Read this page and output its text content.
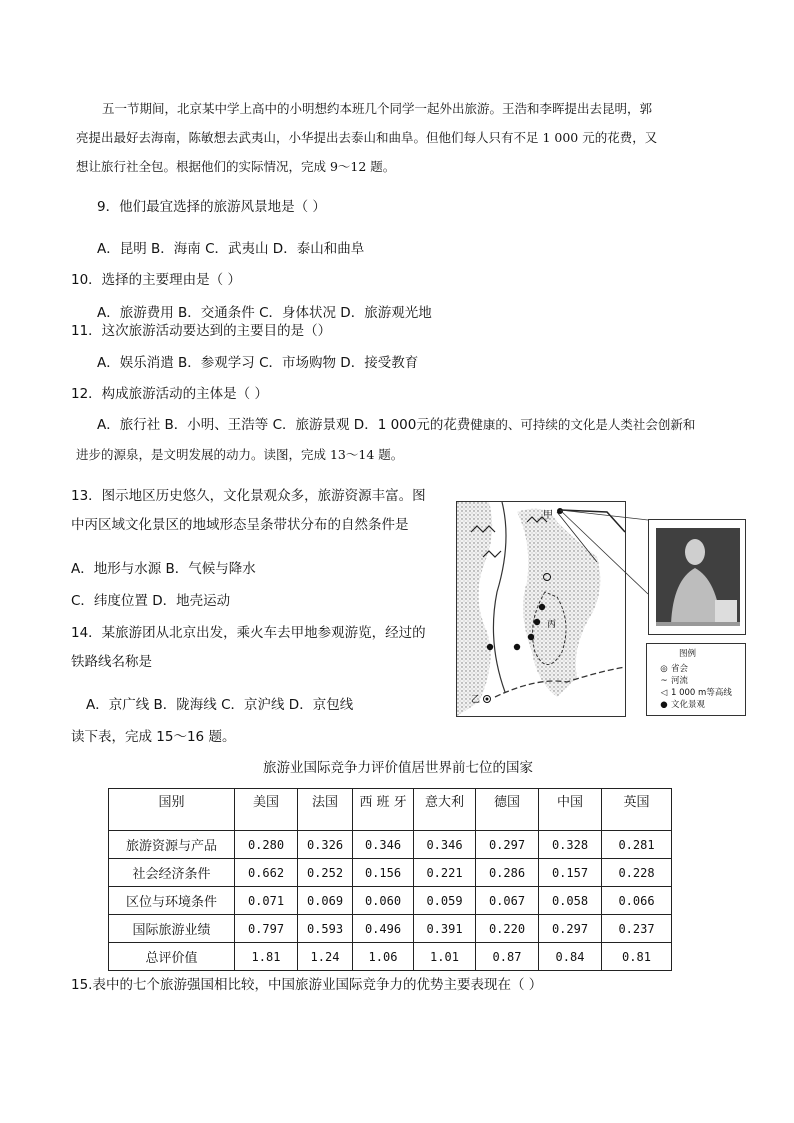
五一节期间，北京某中学上高中的小明想约本班几个同学一起外出旅游。王浩和李晖提出去昆明，郭
亮提出最好去海南，陈敏想去武夷山，小华提出去泰山和曲阜。但他们每人只有不足 1 000 元的花费，又
想让旅行社全包。根据他们的实际情况，完成 9～12 题。
9．他们最宜选择的旅游风景地是（ ）
A．昆明 B．海南 C．武夷山 D．泰山和曲阜
10．选择的主要理由是（ ）
A．旅游费用 B．交通条件 C．身体状况 D．旅游观光地
11．这次旅游活动要达到的主要目的是（）
A．娱乐消遣 B．参观学习 C．市场购物 D．接受教育
12．构成旅游活动的主体是（ ）
A．旅行社 B．小明、王浩等 C．旅游景观 D．1 000元的花费健康的、可持续的文化是人类社会创新和
进步的源泉，是文明发展的动力。读图，完成 13～14 题。
13．图示地区历史悠久，文化景观众多，旅游资源丰富。图
中丙区域文化景区的地域形态呈条带状分布的自然条件是
A．地形与水源 B．气候与降水
C．纬度位置 D．地壳运动
14．某旅游团从北京出发，乘火车去甲地参观游览，经过的
铁路线名称是
A．京广线 B．陇海线 C．京沪线 D．京包线
读下表，完成 15～16 题。
甲
丙
乙
图例
◎ 省会
~ 河流
◁ 1 000 m等高线
● 文化景观
旅游业国际竞争力评价值居世界前七位的国家
国别	美国	法国	西 班 牙	意大利	德国	中国	英国
旅游资源与产品	0.280	0.326	0.346	0.346	0.297	0.328	0.281
社会经济条件	0.662	0.252	0.156	0.221	0.286	0.157	0.228
区位与环境条件	0.071	0.069	0.060	0.059	0.067	0.058	0.066
国际旅游业绩	0.797	0.593	0.496	0.391	0.220	0.297	0.237
总评价值	1.81	1.24	1.06	1.01	0.87	0.84	0.81
15.表中的七个旅游强国相比较，中国旅游业国际竞争力的优势主要表现在（ ）
